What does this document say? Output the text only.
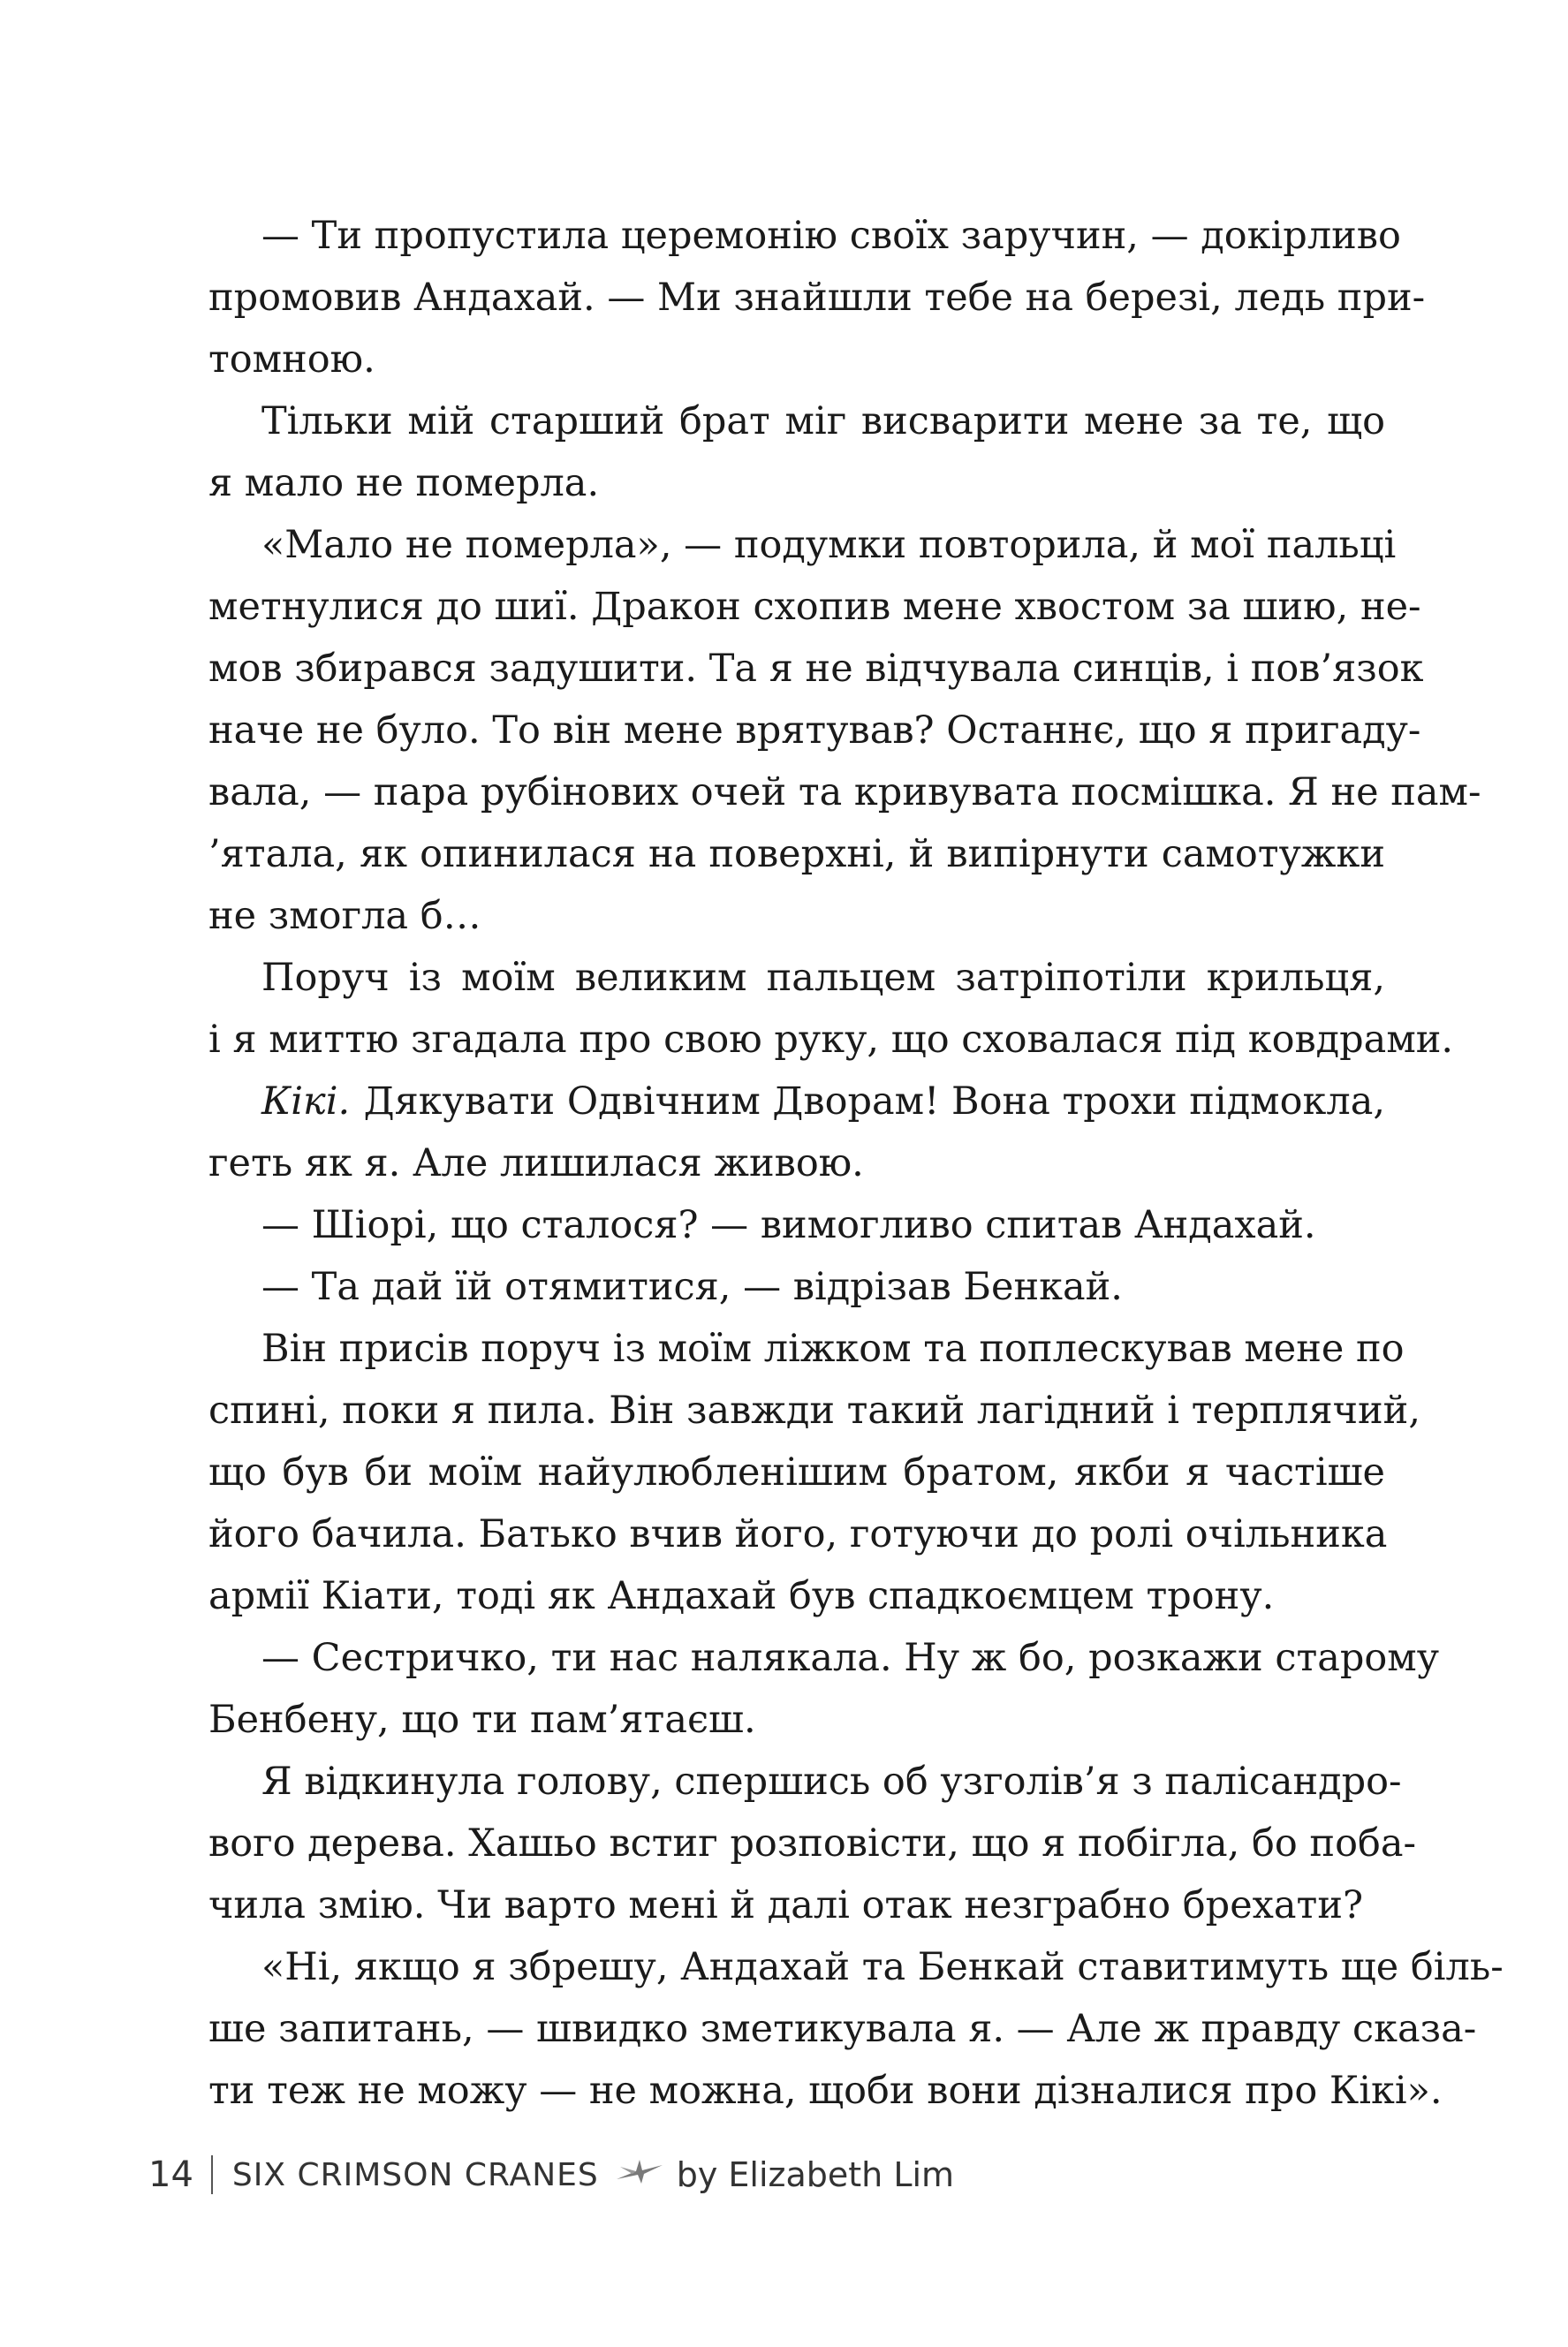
— Ти пропустила церемонію своїх заручин, — докірливо
промовив Андахай. — Ми знайшли тебе на березі, ледь при-
томною.
Тільки мій старший брат міг висварити мене за те, що
я мало не померла.
«Мало не померла», — подумки повторила, й мої пальці
метнулися до шиї. Дракон схопив мене хвостом за шию, не-
мов збирався задушити. Та я не відчувала синців, і пов’язок
наче не було. То він мене врятував? Останнє, що я пригаду-
вала, — пара рубінових очей та кривувата посмішка. Я не пам-
’ятала, як опинилася на поверхні, й випірнути самотужки
не змогла б…
Поруч із моїм великим пальцем затріпотіли крильця,
і я миттю згадала про свою руку, що сховалася під ковдрами.
Кікі. Дякувати Одвічним Дворам! Вона трохи підмокла,
геть як я. Але лишилася живою.
— Шіорі, що сталося? — вимогливо спитав Андахай.
— Та дай їй отямитися, — відрізав Бенкай.
Він присів поруч із моїм ліжком та поплескував мене по
спині, поки я пила. Він завжди такий лагідний і терплячий,
що був би моїм найулюбленішим братом, якби я частіше
його бачила. Батько вчив його, готуючи до ролі очільника
армії Кіати, тоді як Андахай був спадкоємцем трону.
— Сестричко, ти нас налякала. Ну ж бо, розкажи старому
Бенбену, що ти пам’ятаєш.
Я відкинула голову, спершись об узголів’я з палісандро-
вого дерева. Хашьо встиг розповісти, що я побігла, бо поба-
чила змію. Чи варто мені й далі отак незграбно брехати?
«Ні, якщо я збрешу, Андахай та Бенкай ставитимуть ще біль-
ше запитань, — швидко зметикувала я. — Але ж правду сказа-
ти теж не можу — не можна, щоби вони дізналися про Кікі».
14 SIX CRIMSON CRANES by Elizabeth Lim
